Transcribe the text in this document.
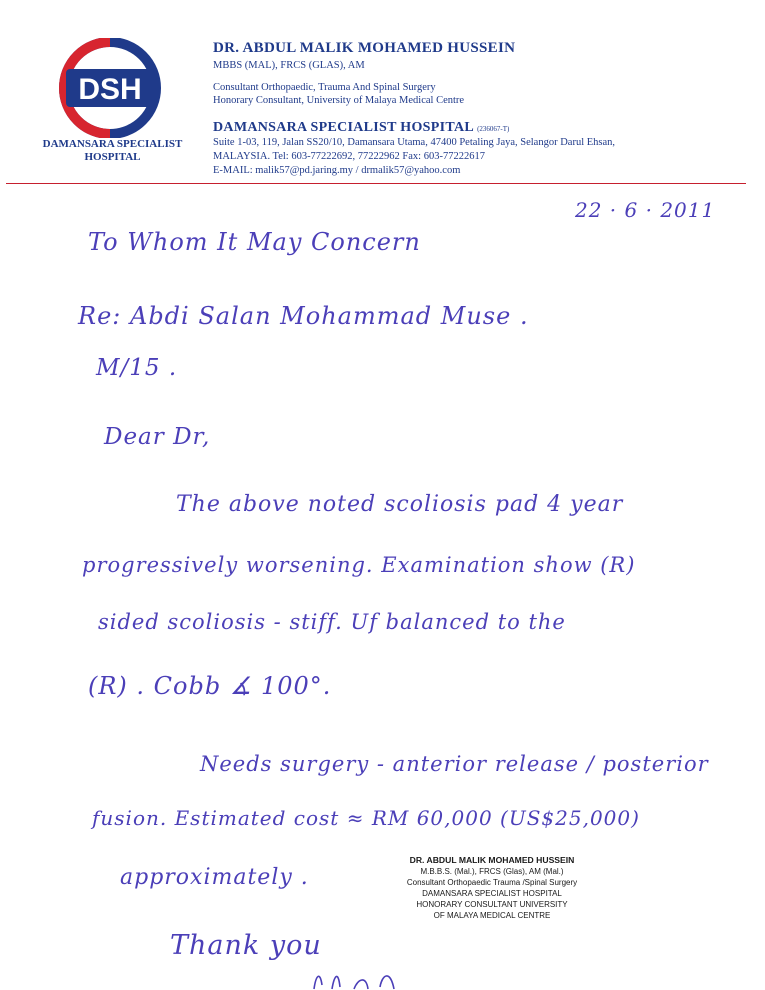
DSH
DAMANSARA SPECIALIST
HOSPITAL
DR. ABDUL MALIK MOHAMED HUSSEIN
MBBS (MAL), FRCS (GLAS), AM
Consultant Orthopaedic, Trauma And Spinal Surgery
Honorary Consultant, University of Malaya Medical Centre
DAMANSARA SPECIALIST HOSPITAL (236067-T)
Suite 1-03, 119, Jalan SS20/10, Damansara Utama, 47400 Petaling Jaya, Selangor Darul Ehsan,
MALAYSIA. Tel: 603-77222692, 77222962 Fax: 603-77222617
E-MAIL: malik57@pd.jaring.my / drmalik57@yahoo.com
22 · 6 · 2011
To Whom It May Concern
Re: Abdi Salan Mohammad Muse .
M/15 .
Dear Dr,
The above noted scoliosis pad 4 year
progressively worsening. Examination show (R)
sided scoliosis - stiff. Uf balanced to the
(R) . Cobb ∡ 100°.
Needs surgery - anterior release / posterior
fusion. Estimated cost ≈ RM 60,000 (US$25,000)
approximately .
Thank you
DR. ABDUL MALIK MOHAMED HUSSEIN
M.B.B.S. (Mal.), FRCS (Glas), AM (Mal.)
Consultant Orthopaedic Trauma /Spinal Surgery
DAMANSARA SPECIALIST HOSPITAL
HONORARY CONSULTANT UNIVERSITY
OF MALAYA MEDICAL CENTRE
